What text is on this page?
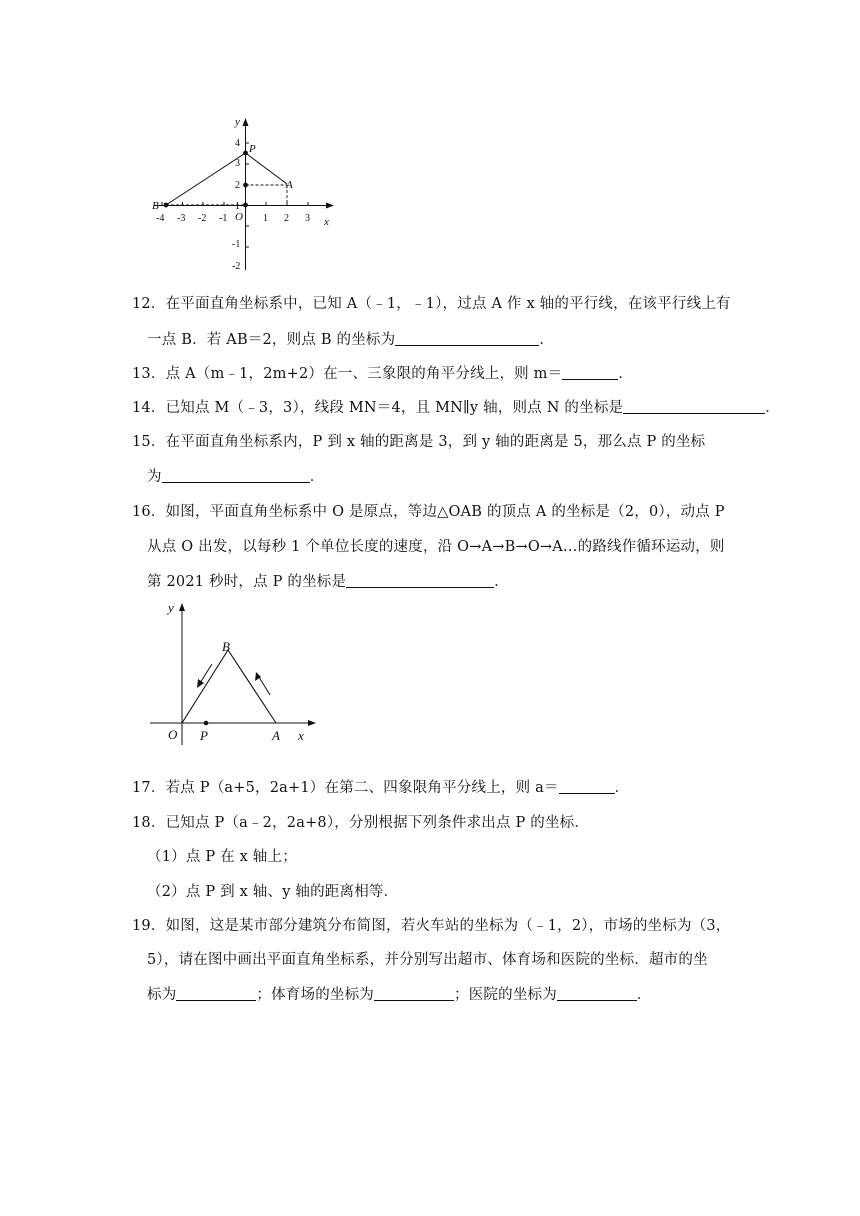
y
x
O
P
A
B
-4 -3 -2 -1	1 2 3
4
3
2
1
-1
-2
12．在平面直角坐标系中，已知 A（﹣1，﹣1），过点 A 作 x 轴的平行线，在该平行线上有
一点 B．若 AB＝2，则点 B 的坐标为	．
13．点 A（m﹣1，2m+2）在一、三象限的角平分线上，则 m＝	．
14．已知点 M（﹣3，3），线段 MN＝4，且 MN∥y 轴，则点 N 的坐标是	．
15．在平面直角坐标系内，P 到 x 轴的距离是 3，到 y 轴的距离是 5，那么点 P 的坐标
为	．
16．如图，平面直角坐标系中 O 是原点，等边△OAB 的顶点 A 的坐标是（2，0），动点 P
从点 O 出发，以每秒 1 个单位长度的速度，沿 O→A→B→O→A…的路线作循环运动，则
第 2021 秒时，点 P 的坐标是	．
y
x
O P	A
B
17．若点 P（a+5，2a+1）在第二、四象限角平分线上，则 a＝	．
18．已知点 P（a﹣2，2a+8），分别根据下列条件求出点 P 的坐标．
（1）点 P 在 x 轴上；
（2）点 P 到 x 轴、y 轴的距离相等．
19．如图，这是某市部分建筑分布简图，若火车站的坐标为（﹣1，2），市场的坐标为（3，
5），请在图中画出平面直角坐标系，并分别写出超市、体育场和医院的坐标．超市的坐
标为	；体育场的坐标为	；医院的坐标为	．
